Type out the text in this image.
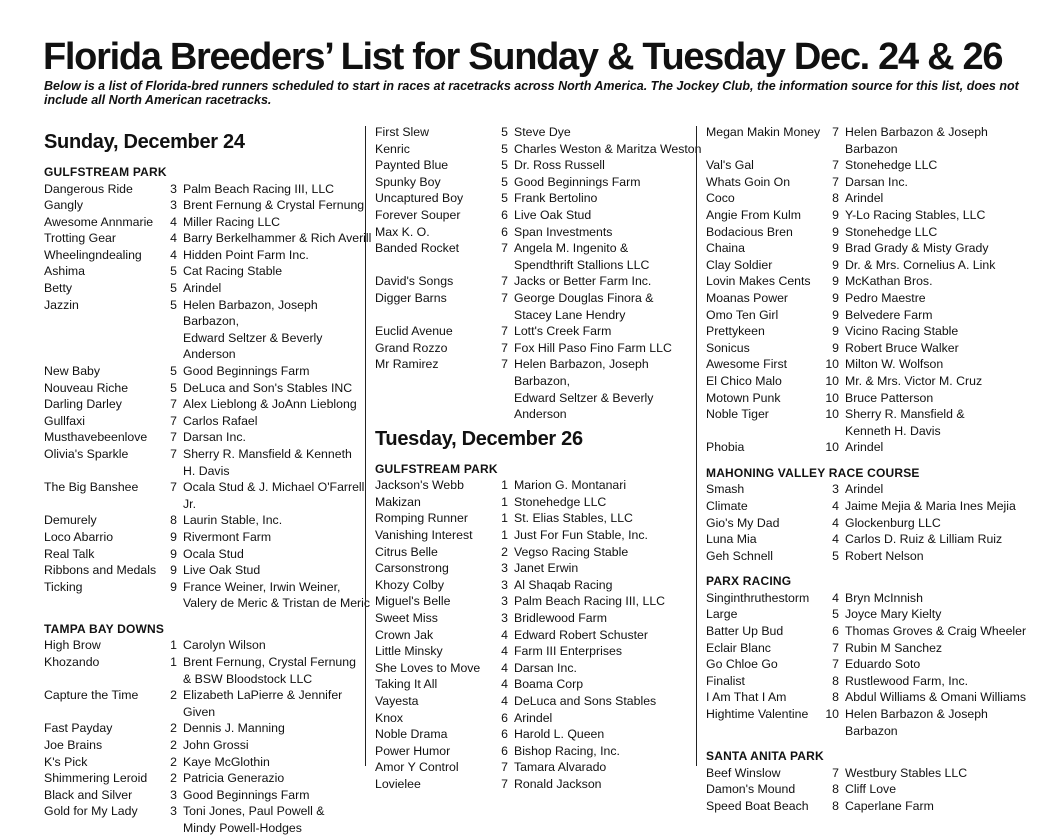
Florida Breeders’ List for Sunday & Tuesday Dec. 24 & 26

Below is a list of Florida-bred runners scheduled to start in races at racetracks across North America. The Jockey Club, the information source for this list, does not include all North American racetracks.

Sunday, December 24
GULFSTREAM PARK
Dangerous Ride	3 Palm Beach Racing III, LLC
Gangly	3 Brent Fernung & Crystal Fernung
Awesome Annmarie	4 Miller Racing LLC
Trotting Gear	4 Barry Berkelhammer & Rich Averill
Wheelingndealing	4 Hidden Point Farm Inc.
Ashima	5 Cat Racing Stable
Betty	5 Arindel
Jazzin	5 Helen Barbazon, Joseph Barbazon,
Edward Seltzer & Beverly Anderson
New Baby	5 Good Beginnings Farm
Nouveau Riche	5 DeLuca and Son's Stables INC
Darling Darley	7 Alex Lieblong & JoAnn Lieblong
Gullfaxi	7 Carlos Rafael
Musthavebeenlove	7 Darsan Inc.
Olivia's Sparkle	7 Sherry R. Mansfield & Kenneth
H. Davis
The Big Banshee	7 Ocala Stud & J. Michael O'Farrell Jr.
Demurely	8 Laurin Stable, Inc.
Loco Abarrio	9 Rivermont Farm
Real Talk	9 Ocala Stud
Ribbons and Medals	9 Live Oak Stud
Ticking	9 France Weiner, Irwin Weiner,
Valery de Meric & Tristan de Meric
TAMPA BAY DOWNS
High Brow	1 Carolyn Wilson
Khozando	1 Brent Fernung, Crystal Fernung
& BSW Bloodstock LLC
Capture the Time	2 Elizabeth LaPierre & Jennifer Given
Fast Payday	2 Dennis J. Manning
Joe Brains	2 John Grossi
K's Pick	2 Kaye McGlothin
Shimmering Leroid	2 Patricia Generazio
Black and Silver	3 Good Beginnings Farm
Gold for My Lady	3 Toni Jones, Paul Powell &
Mindy Powell-Hodges
First Slew	5 Steve Dye
Kenric	5 Charles Weston & Maritza Weston
Paynted Blue	5 Dr. Ross Russell
Spunky Boy	5 Good Beginnings Farm
Uncaptured Boy	5 Frank Bertolino
Forever Souper	6 Live Oak Stud
Max K. O.	6 Span Investments
Banded Rocket	7 Angela M. Ingenito &
Spendthrift Stallions LLC
David's Songs	7 Jacks or Better Farm Inc.
Digger Barns	7 George Douglas Finora &
Stacey Lane Hendry
Euclid Avenue	7 Lott's Creek Farm
Grand Rozzo	7 Fox Hill Paso Fino Farm LLC
Mr Ramirez	7 Helen Barbazon, Joseph Barbazon,
Edward Seltzer & Beverly Anderson
Tuesday, December 26
GULFSTREAM PARK
Jackson's Webb	1 Marion G. Montanari
Makizan	1 Stonehedge LLC
Romping Runner	1 St. Elias Stables, LLC
Vanishing Interest	1 Just For Fun Stable, Inc.
Citrus Belle	2 Vegso Racing Stable
Carsonstrong	3 Janet Erwin
Khozy Colby	3 Al Shaqab Racing
Miguel's Belle	3 Palm Beach Racing III, LLC
Sweet Miss	3 Bridlewood Farm
Crown Jak	4 Edward Robert Schuster
Little Minsky	4 Farm III Enterprises
She Loves to Move	4 Darsan Inc.
Taking It All	4 Boama Corp
Vayesta	4 DeLuca and Sons Stables
Knox	6 Arindel
Noble Drama	6 Harold L. Queen
Power Humor	6 Bishop Racing, Inc.
Amor Y Control	7 Tamara Alvarado
Lovielee	7 Ronald Jackson
Megan Makin Money 7 Helen Barbazon & Joseph Barbazon
Val's Gal	7 Stonehedge LLC
Whats Goin On	7 Darsan Inc.
Coco	8 Arindel
Angie From Kulm	9 Y-Lo Racing Stables, LLC
Bodacious Bren	9 Stonehedge LLC
Chaina	9 Brad Grady & Misty Grady
Clay Soldier	9 Dr. & Mrs. Cornelius A. Link
Lovin Makes Cents	9 McKathan Bros.
Moanas Power	9 Pedro Maestre
Omo Ten Girl	9 Belvedere Farm
Prettykeen	9 Vicino Racing Stable
Sonicus	9 Robert Bruce Walker
Awesome First	10 Milton W. Wolfson
El Chico Malo	10 Mr. & Mrs. Victor M. Cruz
Motown Punk	10 Bruce Patterson
Noble Tiger	10 Sherry R. Mansfield &
Kenneth H. Davis
Phobia	10 Arindel
MAHONING VALLEY RACE COURSE
Smash	3 Arindel
Climate	4 Jaime Mejia & Maria Ines Mejia
Gio's My Dad	4 Glockenburg LLC
Luna Mia	4 Carlos D. Ruiz & Lilliam Ruiz
Geh Schnell	5 Robert Nelson
PARX RACING
Singinthruthestorm	4 Bryn McInnish
Large	5 Joyce Mary Kielty
Batter Up Bud	6 Thomas Groves & Craig Wheeler
Eclair Blanc	7 Rubin M Sanchez
Go Chloe Go	7 Eduardo Soto
Finalist	8 Rustlewood Farm, Inc.
I Am That I Am	8 Abdul Williams & Omani Williams
Hightime Valentine	10 Helen Barbazon & Joseph Barbazon
SANTA ANITA PARK
Beef Winslow	7 Westbury Stables LLC
Damon's Mound	8 Cliff Love
Speed Boat Beach	8 Caperlane Farm
